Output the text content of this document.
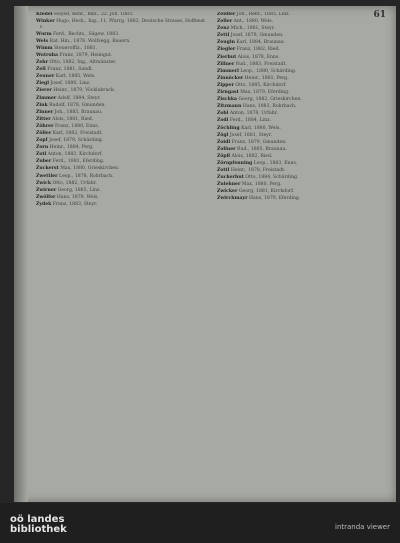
61
Kiedel Hoyed, Rent., Bibl., 22. Joh. 1883.
Winker Hugo, Heck., Ing., 11, Pfarrg. 1883, Deutsche Strasse, Hoffenstr.
Wurm Ferd., Rechts., Sägew. 1883.
Wels Rat. Hin., 1878. Wolfsegg, Bauern.
Wimm Steueroffiz., 1881.
Wotruba Franz, 1879, Heimgut.
Zehr Otto, 1882, Ing., Altmünster.
Zell Franz, 1881, Sandl.
Zeuner Karl, 1885, Wels.
Ziegl Josef, 1880, Linz.
Zierer Heinr., 1879, Vöcklabruck.
Zimmer Adolf, 1884, Steyr.
Zink Rudolf, 1878, Gmunden.
Zinner Joh., 1883, Braunau.
Zitter Alois, 1881, Ried.
Zöhrer Franz, 1880, Enns.
Zöller Karl, 1882, Freistadt.
Zopf Josef, 1879, Schärding.
Zorn Heinr., 1884, Perg.
Zotl Anton, 1883, Kirchdorf.
Zuber Ferd., 1881, Eferding.
Zuckerst Max, 1880, Grieskirchen.
Zwettler Leop., 1878, Rohrbach.
Zwick Otto, 1882, Urfahr.
Zwirner Georg, 1885, Linz.
Zwölfer Hans, 1879, Wels.
Zydek Franz, 1883, Steyr.
Zeidler Joh., Rent., 1883, Linz.
Zeller Ant., 1880, Wels.
Zenz Mich., 1881, Steyr.
Zettl Josef, 1879, Gmunden.
Zeugin Karl, 1884, Braunau.
Ziegler Franz, 1882, Ried.
Zierhut Alois, 1878, Enns.
Zillner Rud., 1883, Freistadt.
Zimmerl Leop., 1880, Schärding.
Zinnöcker Heinr., 1881, Perg.
Zipper Otto, 1885, Kirchdorf.
Zirngast Max, 1879, Eferding.
Zischka Georg, 1882, Grieskirchen.
Zitzmann Hans, 1883, Rohrbach.
Zobl Anton, 1878, Urfahr.
Zodl Ferd., 1884, Linz.
Zöchling Karl, 1880, Wels.
Zögl Josef, 1881, Steyr.
Zoidl Franz, 1879, Gmunden.
Zollner Rud., 1885, Braunau.
Zöpfl Alois, 1882, Ried.
Zörnpfenning Leop., 1883, Enns.
Zottl Heinr., 1878, Freistadt.
Zuckerhut Otto, 1884, Schärding.
Zulehner Max, 1880, Perg.
Zwicker Georg, 1881, Kirchdorf.
Zwirchmayr Hans, 1879, Eferding.
oö landes
bibliothek	intranda viewer
